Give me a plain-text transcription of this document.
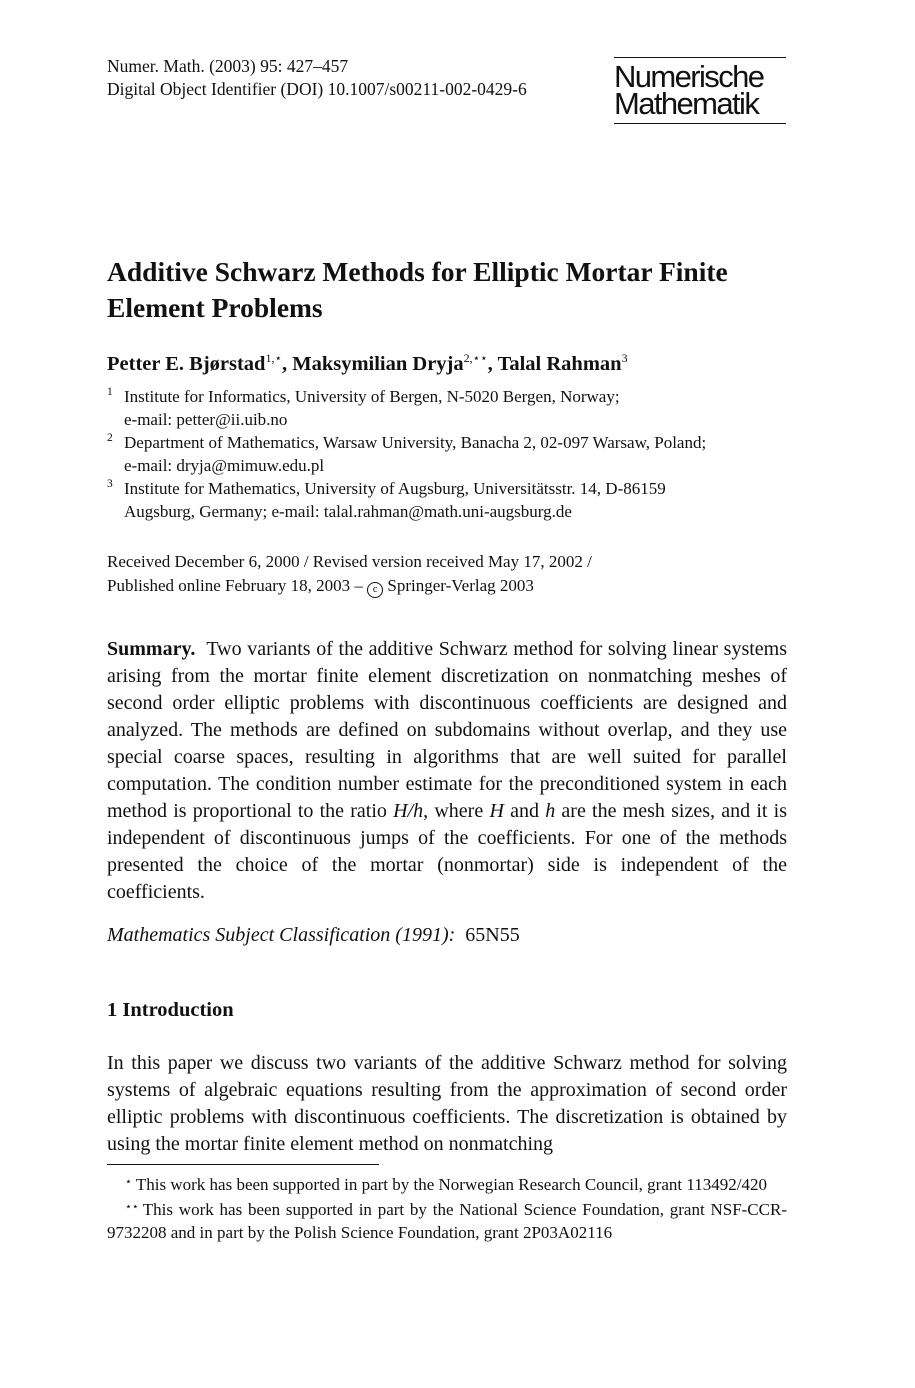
Numer. Math. (2003) 95: 427–457
Digital Object Identifier (DOI) 10.1007/s00211-002-0429-6	Numerische
Mathematik
Additive Schwarz Methods for Elliptic Mortar Finite Element Problems
Petter E. Bjørstad$^{1,⋆}$, Maksymilian Dryja$^{2,⋆⋆}$, Talal Rahman$^3$
1 Institute for Informatics, University of Bergen, N-5020 Bergen, Norway;
e-mail: petter@ii.uib.no
2 Department of Mathematics, Warsaw University, Banacha 2, 02-097 Warsaw, Poland;
e-mail: dryja@mimuw.edu.pl
3 Institute for Mathematics, University of Augsburg, Universitätsstr. 14, D-86159
Augsburg, Germany; e-mail: talal.rahman@math.uni-augsburg.de
Received December 6, 2000 / Revised version received May 17, 2002 /
Published online February 18, 2003 – c Springer-Verlag 2003
Summary. Two variants of the additive Schwarz method for solving linear systems arising from the mortar finite element discretization on nonmatching meshes of second order elliptic problems with discontinuous coefficients are designed and analyzed. The methods are defined on subdomains without overlap, and they use special coarse spaces, resulting in algorithms that are well suited for parallel computation. The condition number estimate for the preconditioned system in each method is proportional to the ratio H/h, where H and h are the mesh sizes, and it is independent of discontinuous jumps of the coefficients. For one of the methods presented the choice of the mortar (nonmortar) side is independent of the coefficients.
Mathematics Subject Classification (1991): 65N55
1 Introduction
In this paper we discuss two variants of the additive Schwarz method for solving systems of algebraic equations resulting from the approximation of second order elliptic problems with discontinuous coefficients. The discretization is obtained by using the mortar finite element method on nonmatching
⋆ This work has been supported in part by the Norwegian Research Council, grant 113492/420
⋆⋆ This work has been supported in part by the National Science Foundation, grant NSF-CCR-9732208 and in part by the Polish Science Foundation, grant 2P03A02116
